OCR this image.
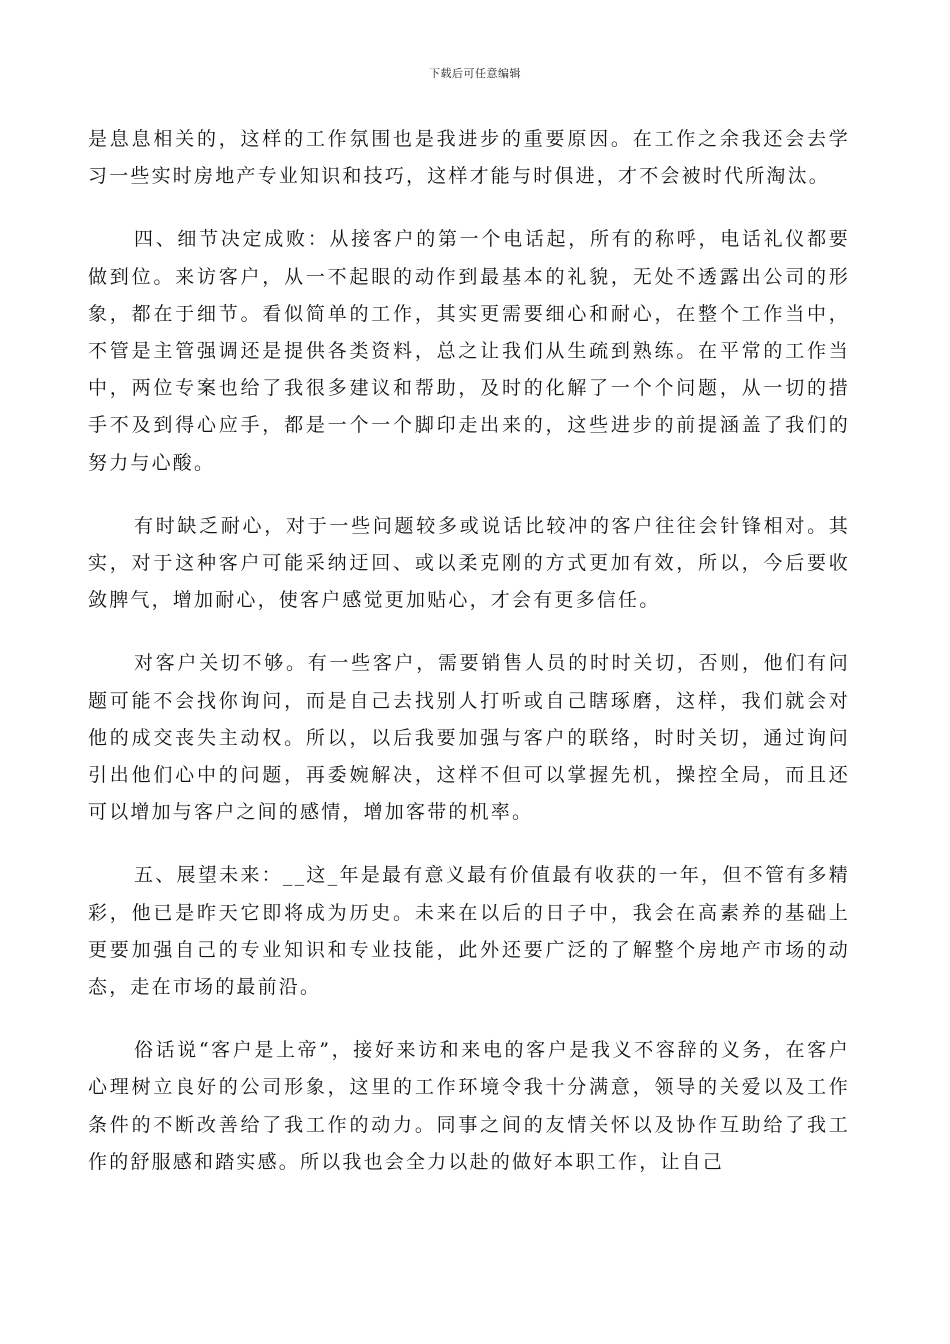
下载后可任意编辑

是息息相关的，这样的工作氛围也是我进步的重要原因。在工作之余我还会去学习一些实时房地产专业知识和技巧，这样才能与时俱进，才不会被时代所淘汰。

四、细节决定成败：从接客户的第一个电话起，所有的称呼，电话礼仪都要做到位。来访客户，从一不起眼的动作到最基本的礼貌，无处不透露出公司的形象，都在于细节。看似简单的工作，其实更需要细心和耐心，在整个工作当中，不管是主管强调还是提供各类资料，总之让我们从生疏到熟练。在平常的工作当中，两位专案也给了我很多建议和帮助，及时的化解了一个个问题，从一切的措手不及到得心应手，都是一个一个脚印走出来的，这些进步的前提涵盖了我们的努力与心酸。

有时缺乏耐心，对于一些问题较多或说话比较冲的客户往往会针锋相对。其实，对于这种客户可能采纳迂回、或以柔克刚的方式更加有效，所以，今后要收敛脾气，增加耐心，使客户感觉更加贴心，才会有更多信任。

对客户关切不够。有一些客户，需要销售人员的时时关切，否则，他们有问题可能不会找你询问，而是自己去找别人打听或自己瞎琢磨，这样，我们就会对他的成交丧失主动权。所以，以后我要加强与客户的联络，时时关切，通过询问引出他们心中的问题，再委婉解决，这样不但可以掌握先机，操控全局，而且还可以增加与客户之间的感情，增加客带的机率。

五、展望未来：__这_年是最有意义最有价值最有收获的一年，但不管有多精彩，他已是昨天它即将成为历史。未来在以后的日子中，我会在高素养的基础上更要加强自己的专业知识和专业技能，此外还要广泛的了解整个房地产市场的动态，走在市场的最前沿。

俗话说“客户是上帝”，接好来访和来电的客户是我义不容辞的义务，在客户心理树立良好的公司形象，这里的工作环境令我十分满意，领导的关爱以及工作条件的不断改善给了我工作的动力。同事之间的友情关怀以及协作互助给了我工作的舒服感和踏实感。所以我也会全力以赴的做好本职工作，让自己
